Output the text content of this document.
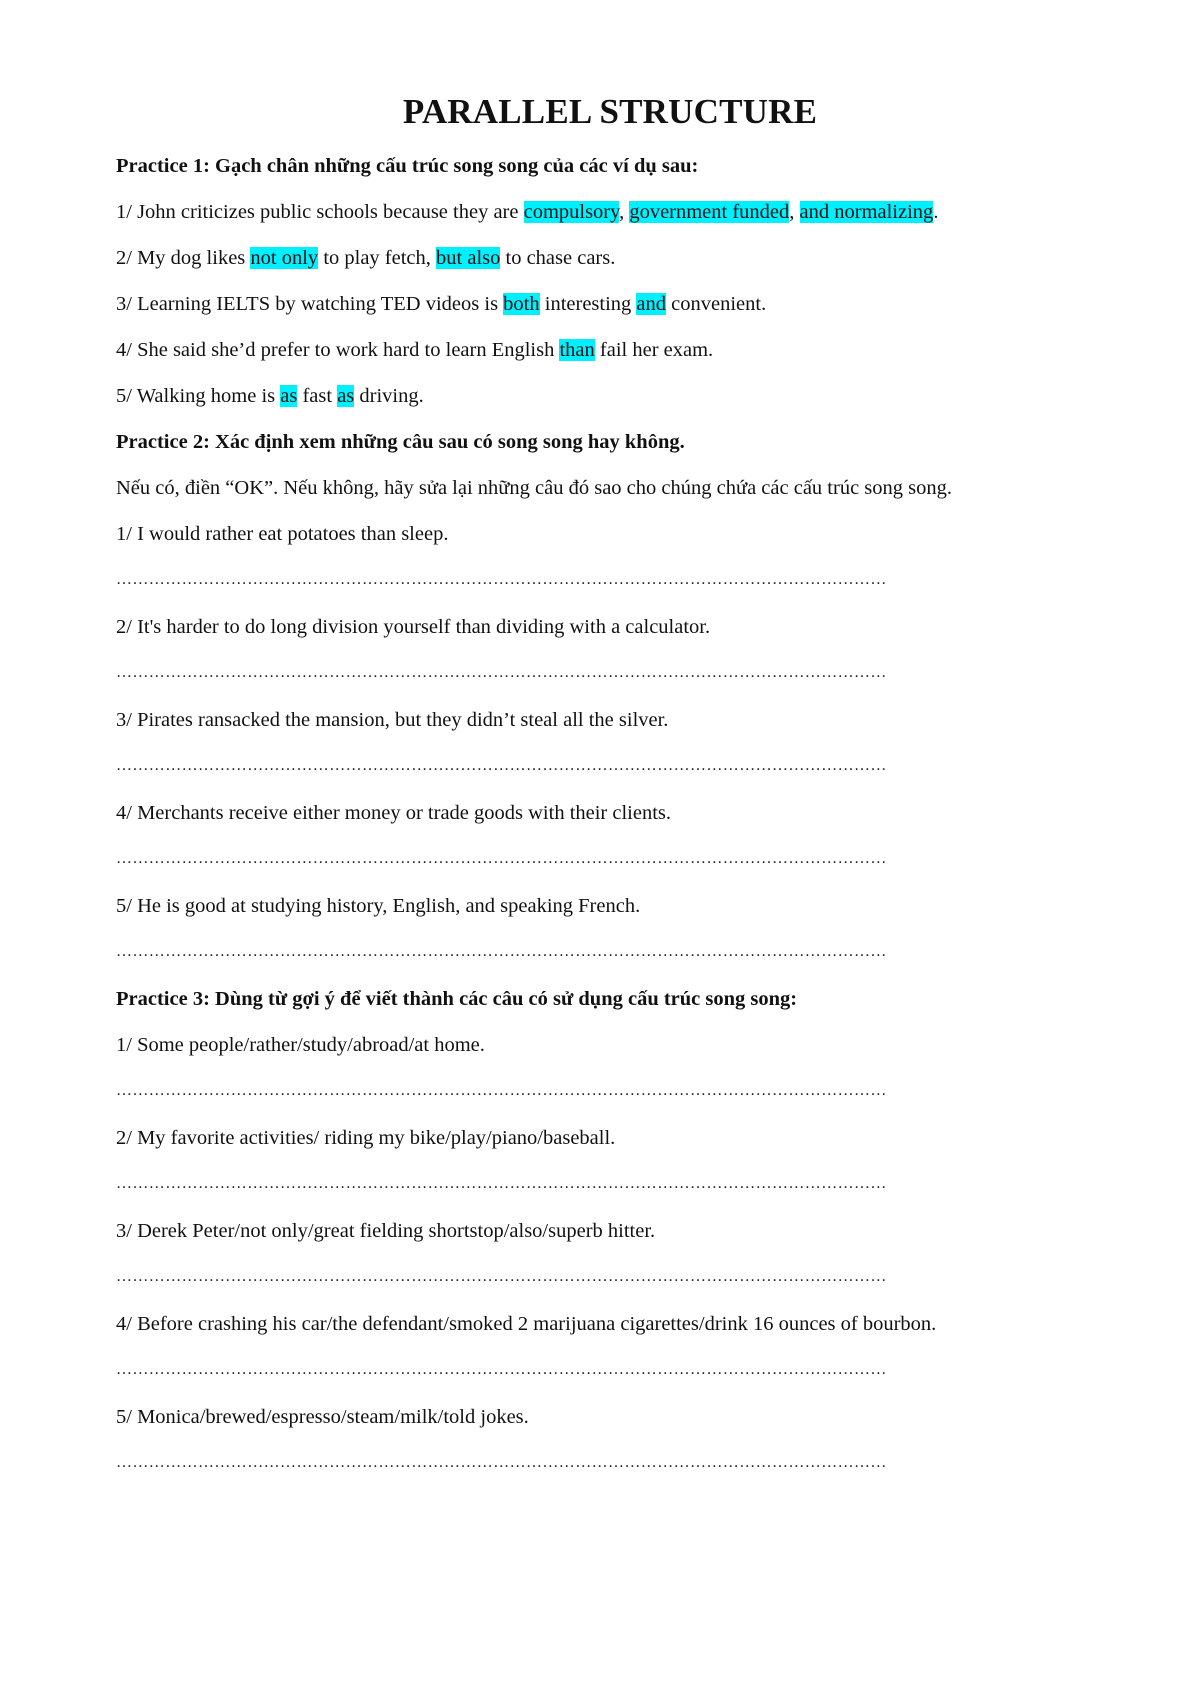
PARALLEL STRUCTURE
Practice 1: Gạch chân những cấu trúc song song của các ví dụ sau:
1/ John criticizes public schools because they are compulsory, government funded, and normalizing.
2/ My dog likes not only to play fetch, but also to chase cars.
3/ Learning IELTS by watching TED videos is both interesting and convenient.
4/ She said she’d prefer to work hard to learn English than fail her exam.
5/ Walking home is as fast as driving.
Practice 2: Xác định xem những câu sau có song song hay không.
Nếu có, điền “OK”. Nếu không, hãy sửa lại những câu đó sao cho chúng chứa các cấu trúc song song.
1/ I would rather eat potatoes than sleep.
……………………………………………………………………………………………………………………………
2/ It's harder to do long division yourself than dividing with a calculator.
……………………………………………………………………………………………………………………………
3/ Pirates ransacked the mansion, but they didn’t steal all the silver.
……………………………………………………………………………………………………………………………
4/ Merchants receive either money or trade goods with their clients.
……………………………………………………………………………………………………………………………
5/ He is good at studying history, English, and speaking French.
……………………………………………………………………………………………………………………………
Practice 3: Dùng từ gợi ý để viết thành các câu có sử dụng cấu trúc song song:
1/ Some people/rather/study/abroad/at home.
……………………………………………………………………………………………………………………………
2/ My favorite activities/ riding my bike/play/piano/baseball.
……………………………………………………………………………………………………………………………
3/ Derek Peter/not only/great fielding shortstop/also/superb hitter.
……………………………………………………………………………………………………………………………
4/ Before crashing his car/the defendant/smoked 2 marijuana cigarettes/drink 16 ounces of bourbon.
……………………………………………………………………………………………………………………………
5/ Monica/brewed/espresso/steam/milk/told jokes.
……………………………………………………………………………………………………………………………
